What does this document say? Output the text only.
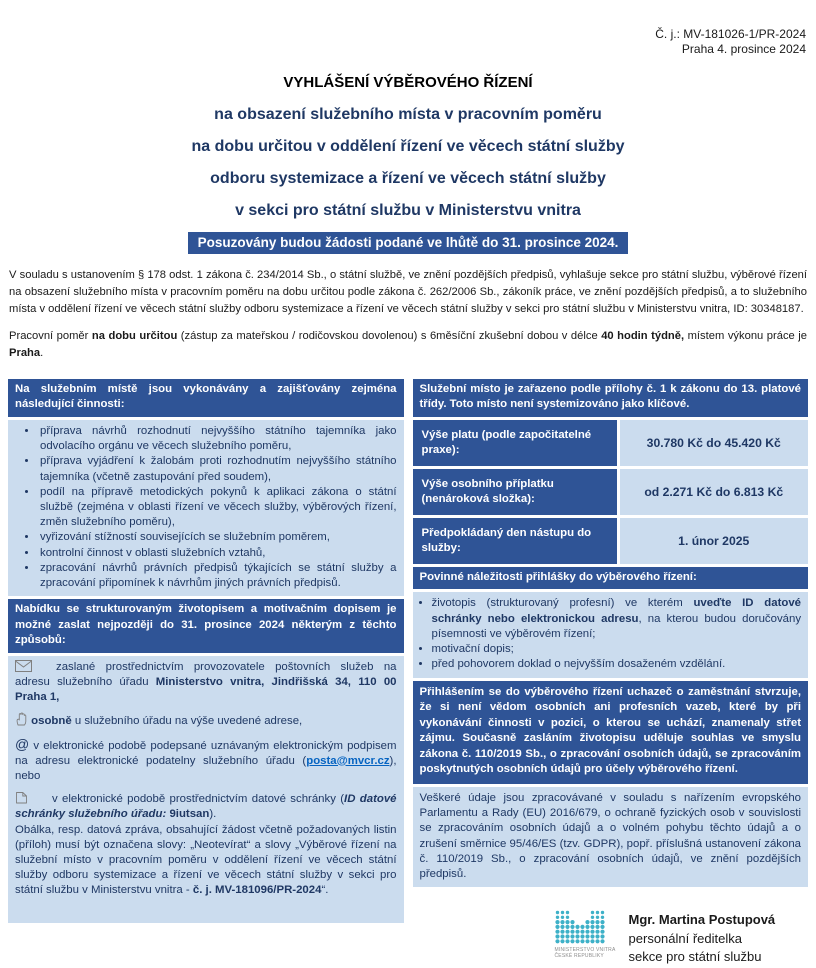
Č. j.: MV-181026-1/PR-2024
Praha 4. prosince 2024
VYHLÁŠENÍ VÝBĚROVÉHO ŘÍZENÍ
na obsazení služebního místa v pracovním poměru
na dobu určitou v oddělení řízení ve věcech státní služby
odboru systemizace a řízení ve věcech státní služby
v sekci pro státní službu v Ministerstvu vnitra
Posuzovány budou žádosti podané ve lhůtě do 31. prosince 2024.

V souladu s ustanovením § 178 odst. 1 zákona č. 234/2014 Sb., o státní službě, ve znění pozdějších předpisů, vyhlašuje sekce pro státní službu, výběrové řízení na obsazení služebního místa v pracovním poměru na dobu určitou podle zákona č. 262/2006 Sb., zákoník práce, ve znění pozdějších předpisů, a to služebního místa v oddělení řízení ve věcech státní služby odboru systemizace a řízení ve věcech státní služby v sekci pro státní službu v Ministerstvu vnitra, ID: 30348187.

Pracovní poměr na dobu určitou (zástup za mateřskou / rodičovskou dovolenou) s 6měsíční zkušební dobou v délce 40 hodin týdně, místem výkonu práce je Praha.

Na služebním místě jsou vykonávány a zajišťovány zejména následující činnosti:
• příprava návrhů rozhodnutí nejvyššího státního tajemníka jako odvolacího orgánu ve věcech služebního poměru,
• příprava vyjádření k žalobám proti rozhodnutím nejvyššího státního tajemníka (včetně zastupování před soudem),
• podíl na přípravě metodických pokynů k aplikaci zákona o státní službě (zejména v oblasti řízení ve věcech služby, výběrových řízení, změn služebního poměru),
• vyřizování stížností souvisejících se služebním poměrem,
• kontrolní činnost v oblasti služebních vztahů,
• zpracování návrhů právních předpisů týkajících se státní služby a zpracování připomínek k návrhům jiných právních předpisů.
Nabídku se strukturovaným životopisem a motivačním dopisem je možné zaslat nejpozději do 31. prosince 2024 některým z těchto způsobů:

zaslané prostřednictvím provozovatele poštovních služeb na adresu služebního úřadu Ministerstvo vnitra, Jindřišská 34, 110 00 Praha 1,

osobně u služebního úřadu na výše uvedené adrese,

@ v elektronické podobě podepsané uznávaným elektronickým podpisem na adresu elektronické podatelny služebního úřadu (posta@mvcr.cz), nebo

v elektronické podobě prostřednictvím datové schránky (ID datové schránky služebního úřadu: 9iutsan).

Obálka, resp. datová zpráva, obsahující žádost včetně požadovaných listin (příloh) musí být označena slovy: „Neotevírat“ a slovy „Výběrové řízení na služební místo v pracovním poměru v oddělení řízení ve věcech státní služby odboru systemizace a řízení ve věcech státní služby v sekci pro státní službu v Ministerstvu vnitra - č. j. MV-181096/PR-2024“.

Služební místo je zařazeno podle přílohy č. 1 k zákonu do 13. platové třídy. Toto místo není systemizováno jako klíčové.
Výše platu (podle započitatelné praxe):	30.780 Kč do 45.420 Kč
Výše osobního příplatku (nenároková složka):	od 2.271 Kč do 6.813 Kč
Předpokládaný den nástupu do služby:	1. únor 2025
Povinné náležitosti přihlášky do výběrového řízení:
• životopis (strukturovaný profesní) ve kterém uveďte ID datové schránky nebo elektronickou adresu, na kterou budou doručovány písemnosti ve výběrovém řízení;
• motivační dopis;
• před pohovorem doklad o nejvyšším dosaženém vzdělání.
Přihlášením se do výběrového řízení uchazeč o zaměstnání stvrzuje, že si není vědom osobních ani profesních vazeb, které by při vykonávání činnosti v pozici, o kterou se uchází, znamenaly střet zájmu. Současně zasláním životopisu uděluje souhlas ve smyslu zákona č. 110/2019 Sb., o zpracování osobních údajů, se zpracováním poskytnutých osobních údajů pro účely výběrového řízení.
Veškeré údaje jsou zpracovávané v souladu s nařízením evropského Parlamentu a Rady (EU) 2016/679, o ochraně fyzických osob v souvislosti se zpracováním osobních údajů a o volném pohybu těchto údajů a o zrušení směrnice 95/46/ES (tzv. GDPR), popř. příslušná ustanovení zákona č. 110/2019 Sb., o zpracování osobních údajů, ve znění pozdějších předpisů.
MINISTERSTVO VNITRA
ČESKÉ REPUBLIKY
Mgr. Martina Postupová
personální ředitelka
sekce pro státní službu
